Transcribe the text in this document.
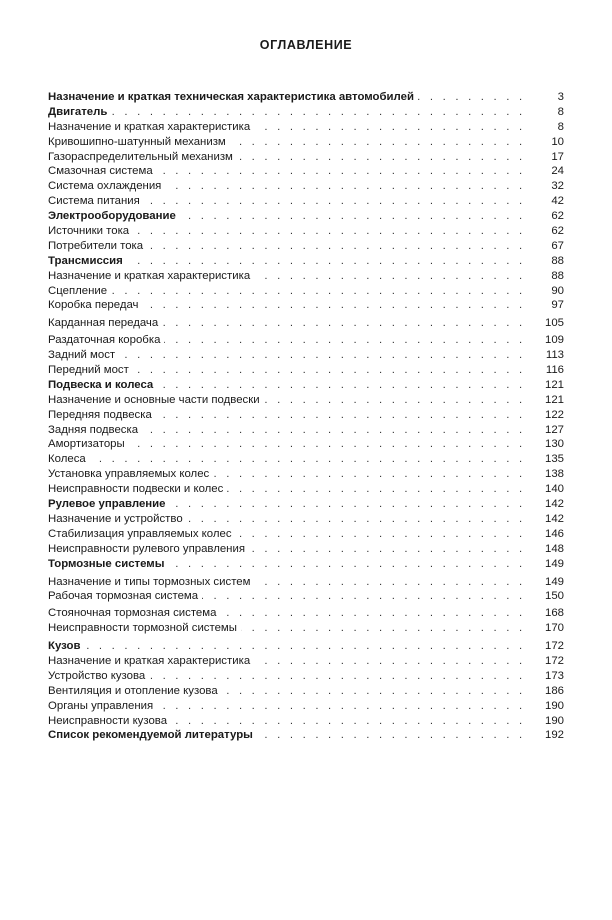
ОГЛАВЛЕНИЕ
. . .
Назначение и краткая техническая характеристика автомобилей	3
. . .
Двигатель	8
. . .
Назначение и краткая характеристика	8
. . .
Кривошипно-шатунный механизм	10
. . .
Газораспределительный механизм	17
. . .
Смазочная система	24
. . .
Система охлаждения	32
. . .
Система питания	42
. . .
Электрооборудование	62
. . .
Источники тока	62
. . .
Потребители тока	67
. . .
Трансмиссия	88
. . .
Назначение и краткая характеристика	88
. . .
Сцепление	90
. . .
Коробка передач	97
. . .
Карданная передача	105
. . .
Раздаточная коробка	109
. . .
Задний мост	113
. . .
Передний мост	116
. . .
Подвеска и колеса	121
. . .
Назначение и основные части подвески	121
. . .
Передняя подвеска	122
. . .
Задняя подвеска	127
. . .
Амортизаторы	130
. . .
Колеса	135
. . .
Установка управляемых колес	138
. . .
Неисправности подвески и колес	140
. . .
Рулевое управление	142
. . .
Назначение и устройство	142
. . .
Стабилизация управляемых колес	146
. . .
Неисправности рулевого управления	148
. . .
Тормозные системы	149
. . .
Назначение и типы тормозных систем	149
. . .
Рабочая тормозная система	150
. . .
Стояночная тормозная система	168
. . .
Неисправности тормозной системы	170
. . .
Кузов	172
. . .
Назначение и краткая характеристика	172
. . .
Устройство кузова	173
. . .
Вентиляция и отопление кузова	186
. . .
Органы управления	190
. . .
Неисправности кузова	190
. . .
Список рекомендуемой литературы	192
